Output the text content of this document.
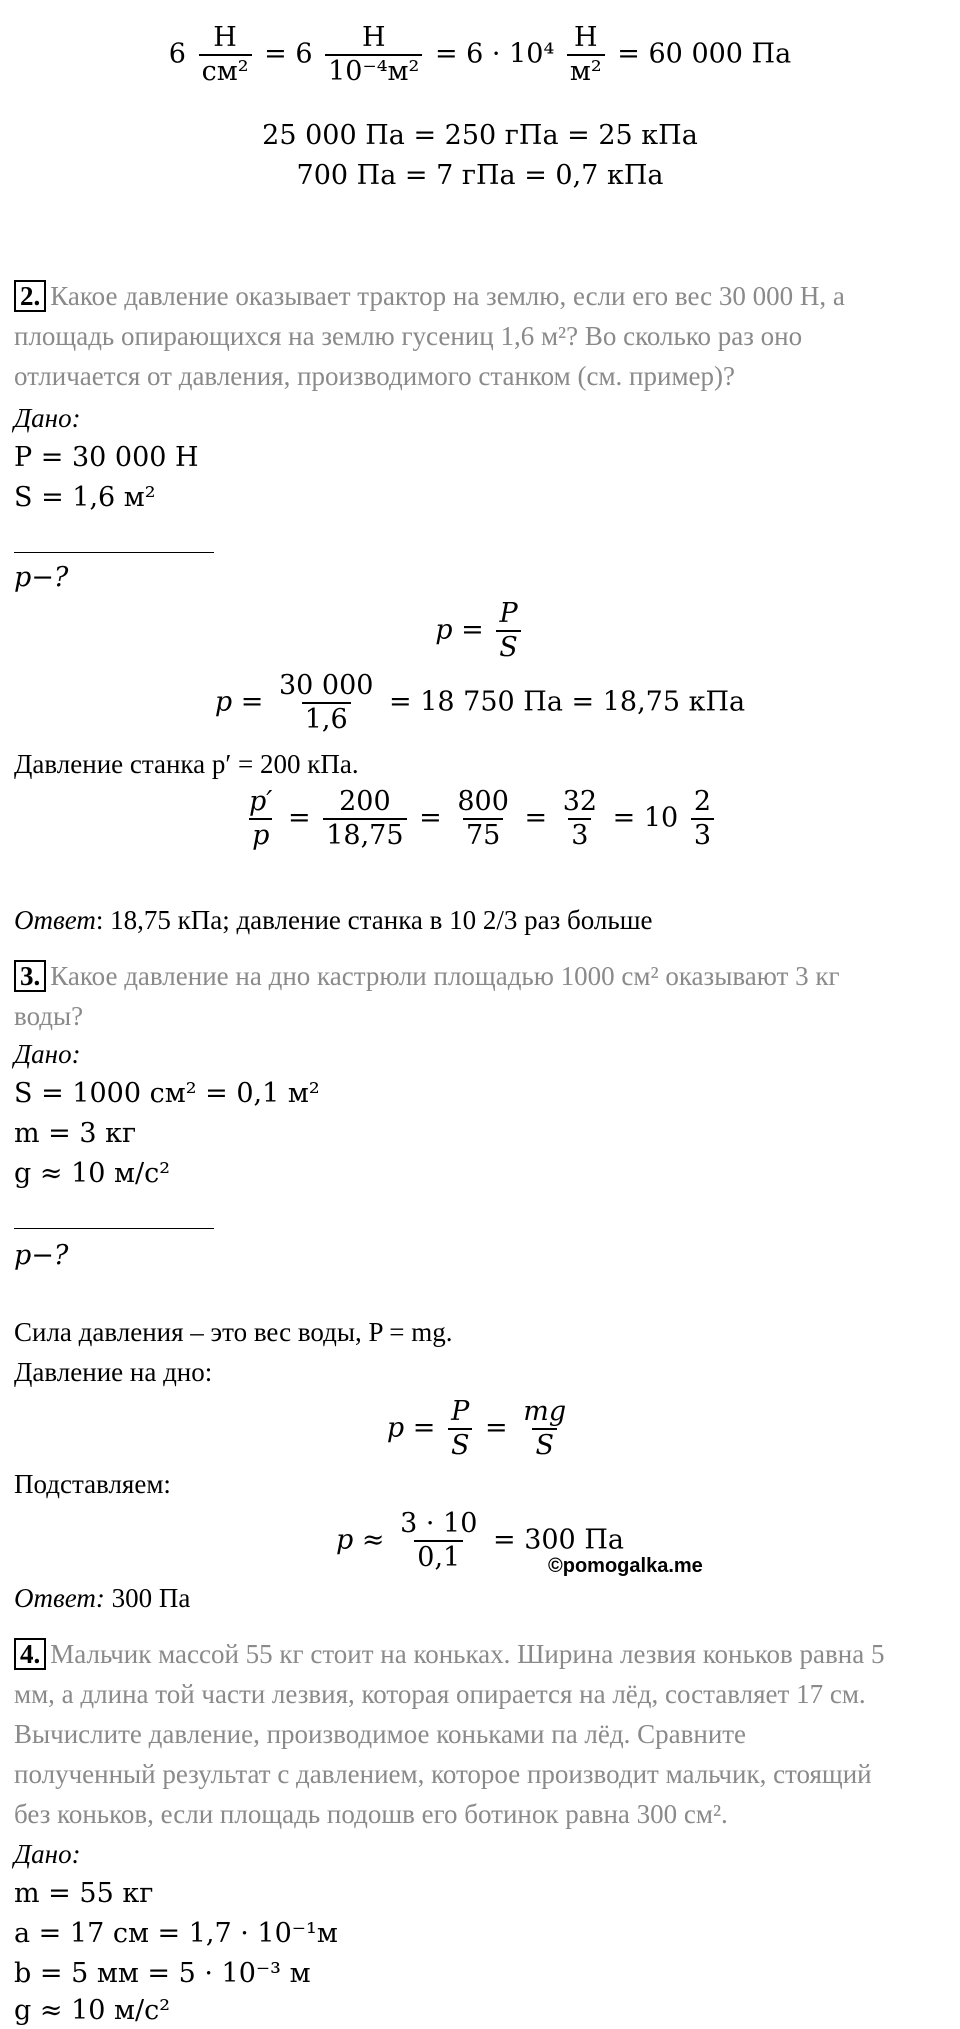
$6 \frac{Н}{\text{см²}} = 6 \frac{Н}{\text{10⁻⁴м²}} = 6 \cdot 10^4 \frac{Н}{\text{м²}} = 60$ 000 Па
25 000 Па = 250 гПа = 25 кПа
700 Па = 7 гПа = 0,7 кПа
2. Какое давление оказывает трактор на землю, если его вес 30 000 Н, а
площадь опирающихся на землю гусениц 1,6 м²? Во сколько раз оно
отличается от давления, производимого станком (см. пример)?
Дано:
P = 30 000 Н
S = 1,6 м²
p−?
$p = \frac{P}{S}$
$p = \frac{30 000}{1,6} = 18$ 750 Па = 18,75 кПа
Давление станка p′ = 200 кПа.
$\frac{p'}{p} = \frac{200}{18,75} = \frac{800}{75} = \frac{32}{3} = 10 \frac{2}{3}$
Ответ: 18,75 кПа; давление станка в 10 2/3 раз больше
3. Какое давление на дно кастрюли площадью 1000 см² оказывают 3 кг
воды?
Дано:
S = 1000 см² = 0,1 м²
m = 3 кг
g ≈ 10 м/с²
p−?
Сила давления – это вес воды, P = mg.
Давление на дно:
$p = \frac{P}{S} = \frac{mg}{S}$
Подставляем:
$p \approx \frac{3 \cdot 10}{0,1} = 300$ Па
©pomogalka.me
Ответ: 300 Па
4. Мальчик массой 55 кг стоит на коньках. Ширина лезвия коньков равна 5
мм, а длина той части лезвия, которая опирается на лёд, составляет 17 см.
Вычислите давление, производимое коньками па лёд. Сравните
полученный результат с давлением, которое производит мальчик, стоящий
без коньков, если площадь подошв его ботинок равна 300 см².
Дано:
m = 55 кг
a = 17 см = 1,7 · 10⁻¹м
b = 5 мм = 5 · 10⁻³ м
g ≈ 10 м/с²
